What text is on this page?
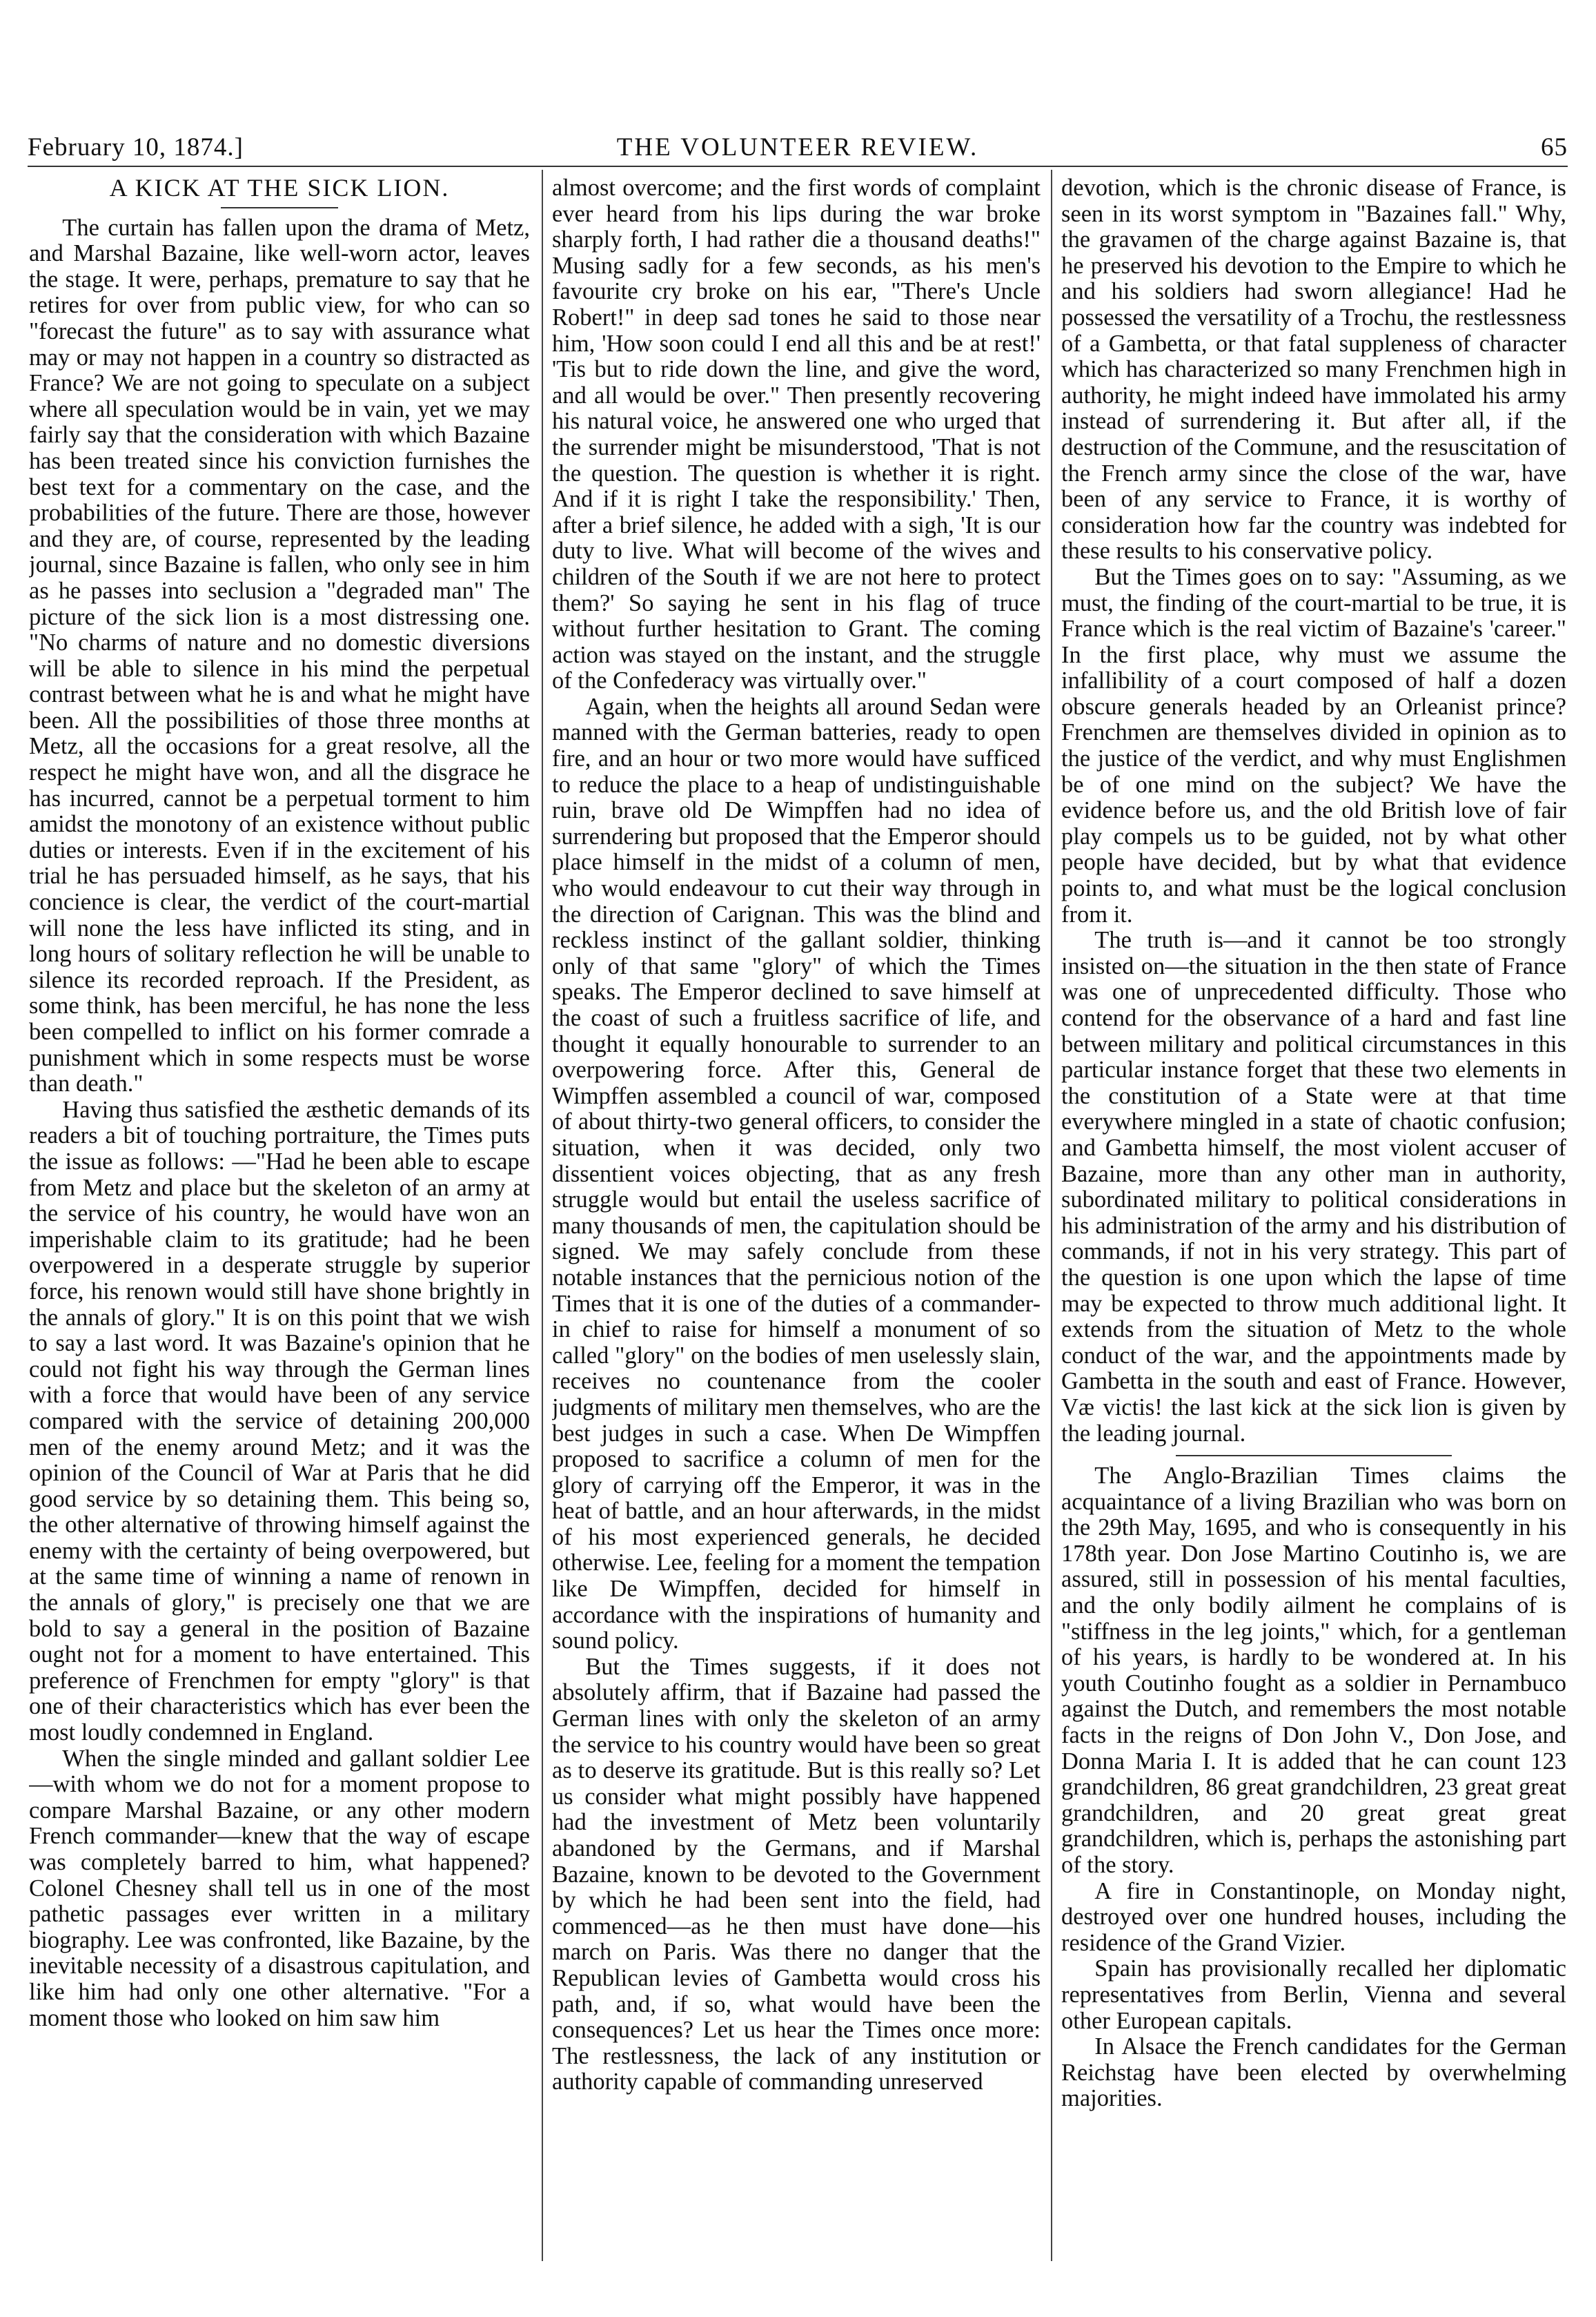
February 10, 1874.]	THE VOLUNTEER REVIEW.	65
A KICK AT THE SICK LION.

The curtain has fallen upon the drama of Metz, and Marshal Bazaine, like well-worn actor, leaves the stage. It were, perhaps, premature to say that he retires for over from public view, for who can so "forecast the future" as to say with assurance what may or may not happen in a country so distracted as France? We are not going to speculate on a subject where all speculation would be in vain, yet we may fairly say that the consideration with which Bazaine has been treated since his conviction furnishes the best text for a commentary on the case, and the probabilities of the future. There are those, however and they are, of course, represented by the leading journal, since Bazaine is fallen, who only see in him as he passes into seclusion a "degraded man" The picture of the sick lion is a most distressing one. "No charms of nature and no domestic diversions will be able to silence in his mind the perpetual contrast between what he is and what he might have been. All the possibilities of those three months at Metz, all the occasions for a great resolve, all the respect he might have won, and all the disgrace he has incurred, cannot be a perpetual torment to him amidst the monotony of an existence without public duties or interests. Even if in the excitement of his trial he has persuaded himself, as he says, that his concience is clear, the verdict of the court-martial will none the less have inflicted its sting, and in long hours of solitary reflection he will be unable to silence its recorded reproach. If the President, as some think, has been merciful, he has none the less been compelled to inflict on his former comrade a punishment which in some respects must be worse than death."

Having thus satisfied the æsthetic demands of its readers a bit of touching portraiture, the Times puts the issue as follows: —"Had he been able to escape from Metz and place but the skeleton of an army at the service of his country, he would have won an imperishable claim to its gratitude; had he been overpowered in a desperate struggle by superior force, his renown would still have shone brightly in the annals of glory." It is on this point that we wish to say a last word. It was Bazaine's opinion that he could not fight his way through the German lines with a force that would have been of any service compared with the service of detaining 200,000 men of the enemy around Metz; and it was the opinion of the Council of War at Paris that he did good service by so detaining them. This being so, the other alternative of throwing himself against the enemy with the certainty of being overpowered, but at the same time of winning a name of renown in the annals of glory," is precisely one that we are bold to say a general in the position of Bazaine ought not for a moment to have entertained. This preference of Frenchmen for empty "glory" is that one of their characteristics which has ever been the most loudly condemned in England.

When the single minded and gallant soldier Lee—with whom we do not for a moment propose to compare Marshal Bazaine, or any other modern French commander—knew that the way of escape was completely barred to him, what happened? Colonel Chesney shall tell us in one of the most pathetic passages ever written in a military biography. Lee was confronted, like Bazaine, by the inevitable necessity of a disastrous capitulation, and like him had only one other alternative. "For a moment those who looked on him saw him

almost overcome; and the first words of complaint ever heard from his lips during the war broke sharply forth, I had rather die a thousand deaths!" Musing sadly for a few seconds, as his men's favourite cry broke on his ear, "There's Uncle Robert!" in deep sad tones he said to those near him, 'How soon could I end all this and be at rest!' 'Tis but to ride down the line, and give the word, and all would be over." Then presently recovering his natural voice, he answered one who urged that the surrender might be misunderstood, 'That is not the question. The question is whether it is right. And if it is right I take the responsibility.' Then, after a brief silence, he added with a sigh, 'It is our duty to live. What will become of the wives and children of the South if we are not here to protect them?' So saying he sent in his flag of truce without further hesitation to Grant. The coming action was stayed on the instant, and the struggle of the Confederacy was virtually over."

Again, when the heights all around Sedan were manned with the German batteries, ready to open fire, and an hour or two more would have sufficed to reduce the place to a heap of undistinguishable ruin, brave old De Wimpffen had no idea of surrendering but proposed that the Emperor should place himself in the midst of a column of men, who would endeavour to cut their way through in the direction of Carignan. This was the blind and reckless instinct of the gallant soldier, thinking only of that same "glory" of which the Times speaks. The Emperor declined to save himself at the coast of such a fruitless sacrifice of life, and thought it equally honourable to surrender to an overpowering force. After this, General de Wimpffen assembled a council of war, composed of about thirty-two general officers, to consider the situation, when it was decided, only two dissentient voices objecting, that as any fresh struggle would but entail the useless sacrifice of many thousands of men, the capitulation should be signed. We may safely conclude from these notable instances that the pernicious notion of the Times that it is one of the duties of a commander-in chief to raise for himself a monument of so called "glory" on the bodies of men uselessly slain, receives no countenance from the cooler judgments of military men themselves, who are the best judges in such a case. When De Wimpffen proposed to sacrifice a column of men for the glory of carrying off the Emperor, it was in the heat of battle, and an hour afterwards, in the midst of his most experienced generals, he decided otherwise. Lee, feeling for a moment the tempation like De Wimpffen, decided for himself in accordance with the inspirations of humanity and sound policy.

But the Times suggests, if it does not absolutely affirm, that if Bazaine had passed the German lines with only the skeleton of an army the service to his country would have been so great as to deserve its gratitude. But is this really so? Let us consider what might possibly have happened had the investment of Metz been voluntarily abandoned by the Germans, and if Marshal Bazaine, known to be devoted to the Government by which he had been sent into the field, had commenced—as he then must have done—his march on Paris. Was there no danger that the Republican levies of Gambetta would cross his path, and, if so, what would have been the consequences? Let us hear the Times once more: The restlessness, the lack of any institution or authority capable of commanding unreserved

devotion, which is the chronic disease of France, is seen in its worst symptom in "Bazaines fall." Why, the gravamen of the charge against Bazaine is, that he preserved his devotion to the Empire to which he and his soldiers had sworn allegiance! Had he possessed the versatility of a Trochu, the restlessness of a Gambetta, or that fatal suppleness of character which has characterized so many Frenchmen high in authority, he might indeed have immolated his army instead of surrendering it. But after all, if the destruction of the Commune, and the resuscitation of the French army since the close of the war, have been of any service to France, it is worthy of consideration how far the country was indebted for these results to his conservative policy.

But the Times goes on to say: "Assuming, as we must, the finding of the court-martial to be true, it is France which is the real victim of Bazaine's 'career." In the first place, why must we assume the infallibility of a court composed of half a dozen obscure generals headed by an Orleanist prince? Frenchmen are themselves divided in opinion as to the justice of the verdict, and why must Englishmen be of one mind on the subject? We have the evidence before us, and the old British love of fair play compels us to be guided, not by what other people have decided, but by what that evidence points to, and what must be the logical conclusion from it.

The truth is—and it cannot be too strongly insisted on—the situation in the then state of France was one of unprecedented difficulty. Those who contend for the observance of a hard and fast line between military and political circumstances in this particular instance forget that these two elements in the constitution of a State were at that time everywhere mingled in a state of chaotic confusion; and Gambetta himself, the most violent accuser of Bazaine, more than any other man in authority, subordinated military to political considerations in his administration of the army and his distribution of commands, if not in his very strategy. This part of the question is one upon which the lapse of time may be expected to throw much additional light. It extends from the situation of Metz to the whole conduct of the war, and the appointments made by Gambetta in the south and east of France. However, Væ victis! the last kick at the sick lion is given by the leading journal.

The Anglo-Brazilian Times claims the acquaintance of a living Brazilian who was born on the 29th May, 1695, and who is consequently in his 178th year. Don Jose Martino Coutinho is, we are assured, still in possession of his mental faculties, and the only bodily ailment he complains of is "stiffness in the leg joints," which, for a gentleman of his years, is hardly to be wondered at. In his youth Coutinho fought as a soldier in Pernambuco against the Dutch, and remembers the most notable facts in the reigns of Don John V., Don Jose, and Donna Maria I. It is added that he can count 123 grandchildren, 86 great grandchildren, 23 great great grandchildren, and 20 great great great grandchildren, which is, perhaps the astonishing part of the story.

A fire in Constantinople, on Monday night, destroyed over one hundred houses, including the residence of the Grand Vizier.

Spain has provisionally recalled her diplomatic representatives from Berlin, Vienna and several other European capitals.

In Alsace the French candidates for the German Reichstag have been elected by overwhelming majorities.
